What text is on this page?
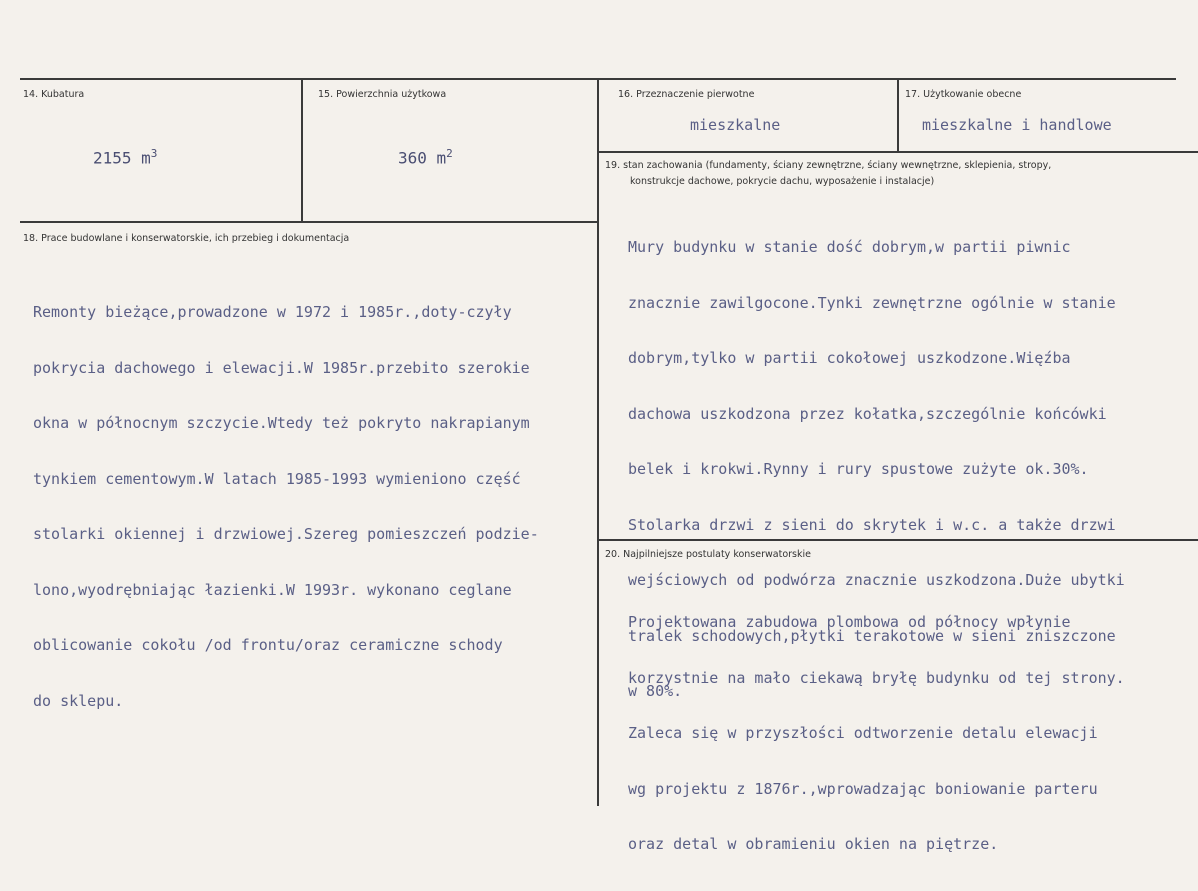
14. Kubatura
2155 $m^3$
15. Powierzchnia użytkowa
360 $m^2$
16. Przeznaczenie pierwotne
mieszkalne
17. Użytkowanie obecne
mieszkalne i handlowe
18. Prace budowlane i konserwatorskie, ich przebieg i dokumentacja

Remonty bieżące,prowadzone w 1972 i 1985r.,doty-czyły

pokrycia dachowego i elewacji.W 1985r.przebito szerokie

okna w północnym szczycie.Wtedy też pokryto nakrapianym

tynkiem cementowym.W latach 1985-1993 wymieniono część

stolarki okiennej i drzwiowej.Szereg pomieszczeń podzie-

lono,wyodrębniając łazienki.W 1993r. wykonano ceglane

oblicowanie cokołu /od frontu/oraz ceramiczne schody

do sklepu.

19. stan zachowania (fundamenty, ściany zewnętrzne, ściany wewnętrzne, sklepienia, stropy,
konstrukcje dachowe, pokrycie dachu, wyposażenie i instalacje)

Mury budynku w stanie dość dobrym,w partii piwnic

znacznie zawilgocone.Tynki zewnętrzne ogólnie w stanie

dobrym,tylko w partii cokołowej uszkodzone.Więźba

dachowa uszkodzona przez kołatka,szczególnie końcówki

belek i krokwi.Rynny i rury spustowe zużyte ok.30%.

Stolarka drzwi z sieni do skrytek i w.c. a także drzwi

wejściowych od podwórza znacznie uszkodzona.Duże ubytki

tralek schodowych,płytki terakotowe w sieni zniszczone

w 80%.

20. Najpilniejsze postulaty konserwatorskie

Projektowana zabudowa plombowa od północy wpłynie

korzystnie na mało ciekawą bryłę budynku od tej strony.

Zaleca się w przyszłości odtworzenie detalu elewacji

wg projektu z 1876r.,wprowadzając boniowanie parteru

oraz detal w obramieniu okien na piętrze.
